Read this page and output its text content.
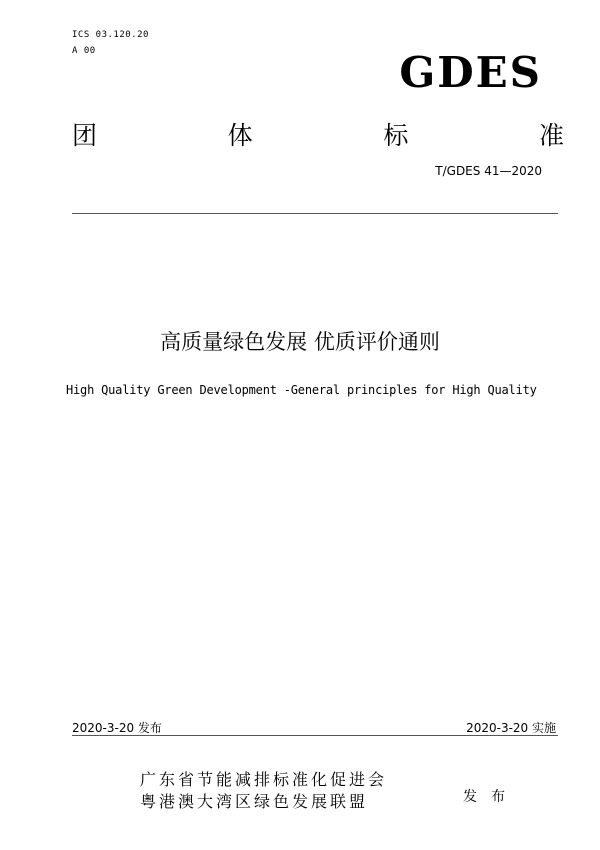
ICS 03.120.20
A 00	GDES
团	体	标	准
T/GDES 41—2020
高质量绿色发展 优质评价通则
High Quality Green Development -General principles for High Quality
2020-3-20 发布	2020-3-20 实施
广东省节能减排标准化促进会
粤港澳大湾区绿色发展联盟	发布
